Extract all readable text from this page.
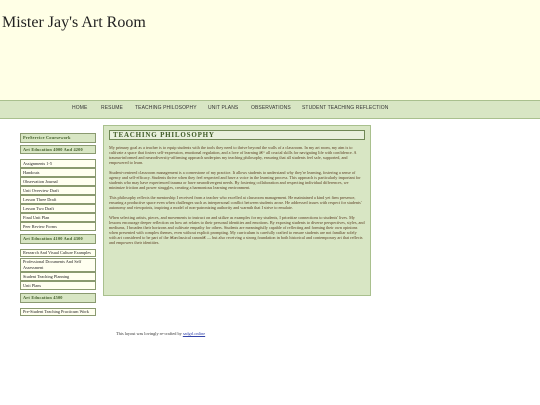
Mister Jay's Art Room
HOME	RESUME TEACHING PHILOSOPHY UNIT PLANS	OBSERVATIONS STUDENT TEACHING REFLECTION
PreService Coursework
Art Education 4000 And 4200
Assignments 1-5
Handouts
Observation Journal
Unit Overview Draft
Lesson Three Draft
Lesson Two Draft
Final Unit Plan
Peer Review Forms
Art Education 4100 And 4300
Research And Visual Culture Examples
Professional Documents And Self Assessment
Student Teaching Planning
Unit Plans
Art Education 4500
Pre-Student Teaching Practicum Work
TEACHING PHILOSOPHY

My primary goal as a teacher is to equip students with the tools they need to thrive beyond the walls of a classroom. In my art room, my aim is to cultivate a space that fosters self-expression, emotional regulation, and a love of learning â€“ all crucial skills for navigating life with confidence. A trauma-informed and neurodiversity-affirming approach underpins my teaching philosophy, ensuring that all students feel safe, supported, and empowered to learn.

Student-centered classroom management is a cornerstone of my practice. It allows students to understand why they're learning, fostering a sense of agency and self-efficacy. Students thrive when they feel respected and have a voice in the learning process. This approach is particularly important for students who may have experienced trauma or have neurodivergent needs. By fostering collaboration and respecting individual differences, we minimize friction and power struggles, creating a harmonious learning environment.

This philosophy reflects the mentorship I received from a teacher who excelled at classroom management. He maintained a kind yet firm presence, ensuring a productive space even when challenges such as interpersonal conflict between students arose. He addressed issues with respect for students' autonomy and viewpoints, inspiring a model of non-patronizing authority and warmth that I strive to emulate.

When selecting artists, pieces, and movements to instruct on and utilize as examples for my students, I prioritize connections to students' lives. My lessons encourage deeper reflection on how art relates to their personal identities and emotions. By exposing students to diverse perspectives, styles, and mediums, I broaden their horizons and cultivate empathy for others. Students are meaningfully capable of reflecting and forming their own opinions when presented with complex themes, even without explicit prompting. My curriculum is carefully crafted to ensure students are not familiar solely with art considered to be part of the â€œclassical canonâ€ — but also receiving a strong foundation in both historical and contemporary art that reflects and empowers their identities.

This layout was lovingly re-crafted by sadgrl.online
